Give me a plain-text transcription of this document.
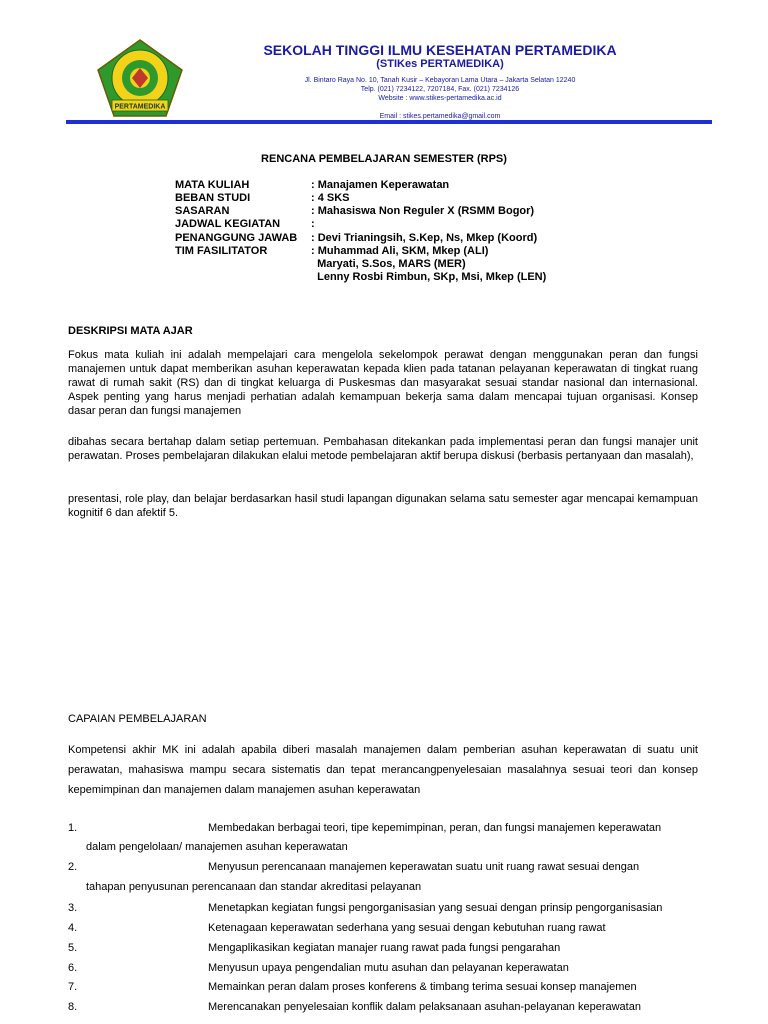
PERTAMEDIKA
SEKOLAH TINGGI ILMU KESEHATAN PERTAMEDIKA
(STIKes PERTAMEDIKA)
Jl. Bintaro Raya No. 10, Tanah Kusir – Kebayoran Lama Utara – Jakarta Selatan 12240
Telp. (021) 7234122, 7207184, Fax. (021) 7234126
Website : www.stikes-pertamedika.ac.id
Email : stikes.pertamedika@gmail.com
RENCANA PEMBELAJARAN SEMESTER (RPS)
MATA KULIAH	: Manajamen Keperawatan
BEBAN STUDI	: 4 SKS
SASARAN	: Mahasiswa Non Reguler X (RSMM Bogor)
JADWAL KEGIATAN	:
PENANGGUNG JAWAB : Devi Trianingsih, S.Kep, Ns, Mkep (Koord)
TIM FASILITATOR	: Muhammad Ali, SKM, Mkep (ALI)
Maryati, S.Sos, MARS (MER)
Lenny Rosbi Rimbun, SKp, Msi, Mkep (LEN)
DESKRIPSI MATA AJAR
Fokus mata kuliah ini adalah mempelajari cara mengelola sekelompok perawat dengan menggunakan peran dan fungsi manajemen untuk dapat memberikan asuhan keperawatan kepada klien pada tatanan pelayanan keperawatan di tingkat ruang rawat di rumah sakit (RS) dan di tingkat keluarga di Puskesmas dan masyarakat sesuai standar nasional dan internasional. Aspek penting yang harus menjadi perhatian adalah kemampuan bekerja sama dalam mencapai tujuan organisasi. Konsep dasar peran dan fungsi manajemen
dibahas secara bertahap dalam setiap pertemuan. Pembahasan ditekankan pada implementasi peran dan fungsi manajer unit perawatan. Proses pembelajaran dilakukan elalui metode pembelajaran aktif berupa diskusi (berbasis pertanyaan dan masalah),
presentasi, role play, dan belajar berdasarkan hasil studi lapangan digunakan selama satu semester agar mencapai kemampuan kognitif 6 dan afektif 5.
CAPAIAN PEMBELAJARAN
Kompetensi akhir MK ini adalah apabila diberi masalah manajemen dalam pemberian asuhan keperawatan di suatu unit perawatan, mahasiswa mampu secara sistematis dan tepat merancangpenyelesaian masalahnya sesuai teori dan konsep kepemimpinan dan manajemen dalam manajemen asuhan keperawatan
1.	Membedakan berbagai teori, tipe kepemimpinan, peran, dan fungsi manajemen keperawatan
dalam pengelolaan/ manajemen asuhan keperawatan
2.	Menyusun perencanaan manajemen keperawatan suatu unit ruang rawat sesuai dengan
tahapan penyusunan perencanaan dan standar akreditasi pelayanan
3.	Menetapkan kegiatan fungsi pengorganisasian yang sesuai dengan prinsip pengorganisasian
4.	Ketenagaan keperawatan sederhana yang sesuai dengan kebutuhan ruang rawat
5.	Mengaplikasikan kegiatan manajer ruang rawat pada fungsi pengarahan
6.	Menyusun upaya pengendalian mutu asuhan dan pelayanan keperawatan
7.	Memainkan peran dalam proses konferens & timbang terima sesuai konsep manajemen
8.	Merencanakan penyelesaian konflik dalam pelaksanaan asuhan-pelayanan keperawatan
